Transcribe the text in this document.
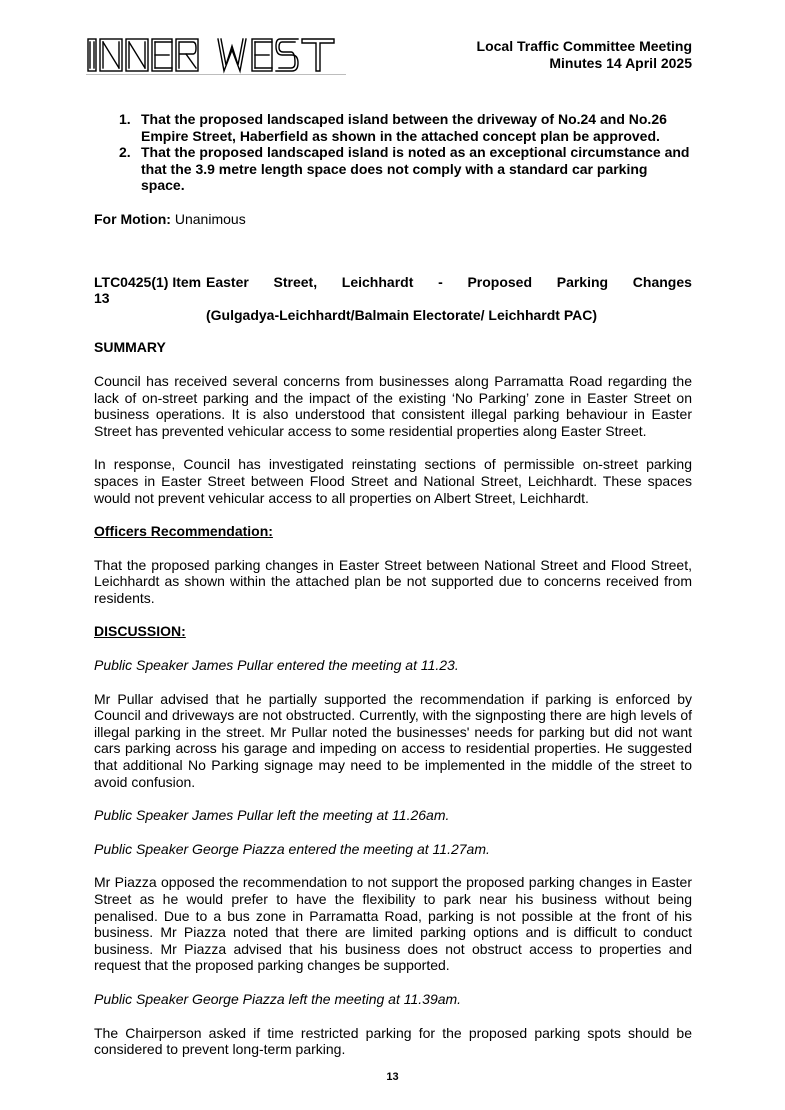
Local Traffic Committee Meeting
Minutes 14 April 2025
1. That the proposed landscaped island between the driveway of No.24 and No.26 Empire Street, Haberfield as shown in the attached concept plan be approved.
2. That the proposed landscaped island is noted as an exceptional circumstance and that the 3.9 metre length space does not comply with a standard car parking space.

For Motion: Unanimous

LTC0425(1) Item 13
Easter Street, Leichhardt - Proposed Parking Changes
(Gulgadya-Leichhardt/Balmain Electorate/ Leichhardt PAC)

SUMMARY

Council has received several concerns from businesses along Parramatta Road regarding the lack of on-street parking and the impact of the existing ‘No Parking’ zone in Easter Street on business operations. It is also understood that consistent illegal parking behaviour in Easter Street has prevented vehicular access to some residential properties along Easter Street.

In response, Council has investigated reinstating sections of permissible on-street parking spaces in Easter Street between Flood Street and National Street, Leichhardt. These spaces would not prevent vehicular access to all properties on Albert Street, Leichhardt.

Officers Recommendation:

That the proposed parking changes in Easter Street between National Street and Flood Street, Leichhardt as shown within the attached plan be not supported due to concerns received from residents.

DISCUSSION:

Public Speaker James Pullar entered the meeting at 11.23.

Mr Pullar advised that he partially supported the recommendation if parking is enforced by Council and driveways are not obstructed. Currently, with the signposting there are high levels of illegal parking in the street. Mr Pullar noted the businesses' needs for parking but did not want cars parking across his garage and impeding on access to residential properties. He suggested that additional No Parking signage may need to be implemented in the middle of the street to avoid confusion.

Public Speaker James Pullar left the meeting at 11.26am.

Public Speaker George Piazza entered the meeting at 11.27am.

Mr Piazza opposed the recommendation to not support the proposed parking changes in Easter Street as he would prefer to have the flexibility to park near his business without being penalised. Due to a bus zone in Parramatta Road, parking is not possible at the front of his business. Mr Piazza noted that there are limited parking options and is difficult to conduct business. Mr Piazza advised that his business does not obstruct access to properties and request that the proposed parking changes be supported.

Public Speaker George Piazza left the meeting at 11.39am.

The Chairperson asked if time restricted parking for the proposed parking spots should be considered to prevent long-term parking.

13
